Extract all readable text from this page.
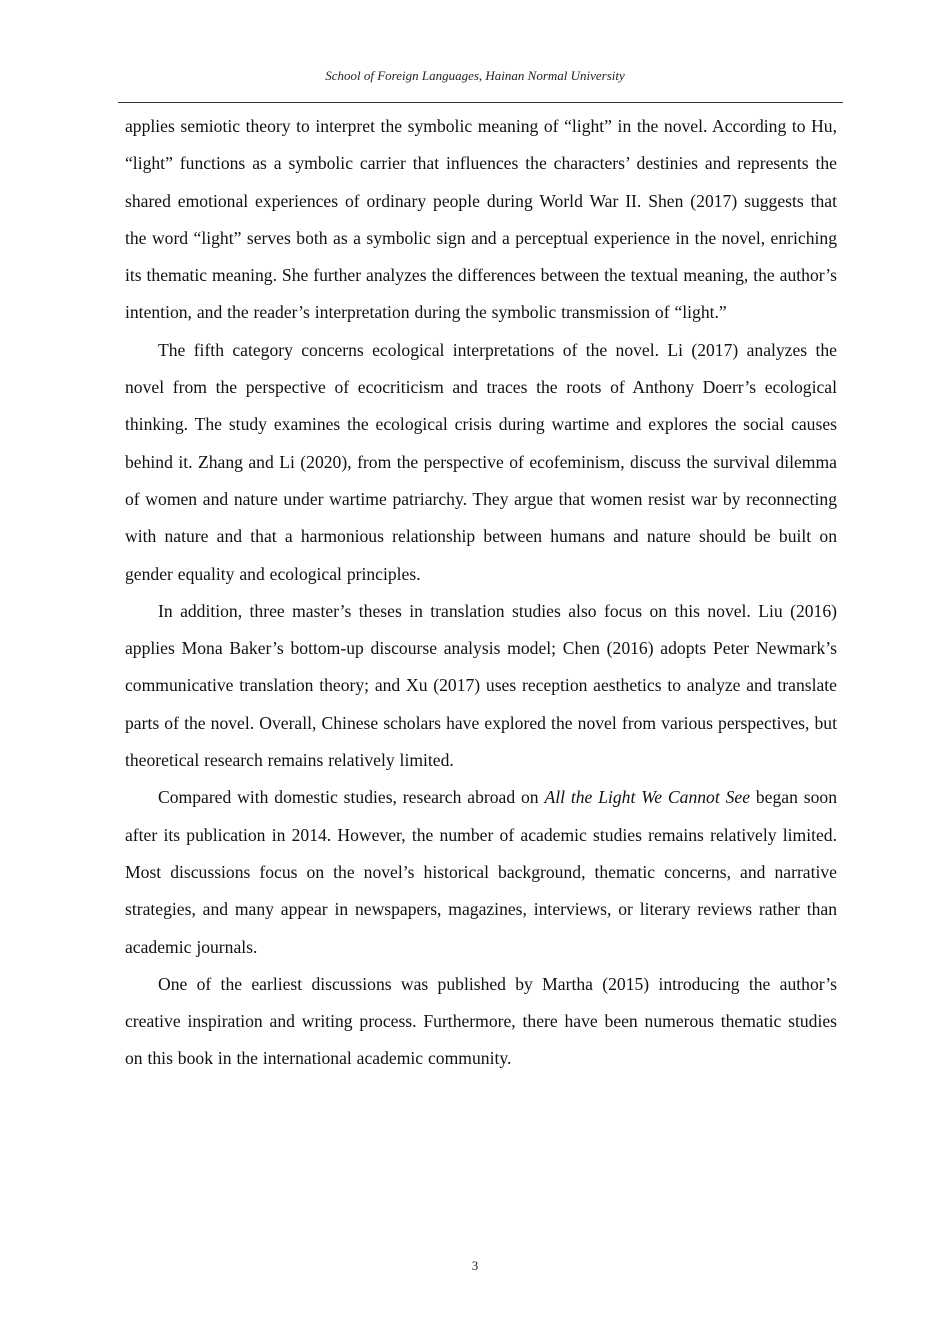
School of Foreign Languages, Hainan Normal University

applies semiotic theory to interpret the symbolic meaning of “light” in the novel. According to Hu, “light” functions as a symbolic carrier that influences the characters’ destinies and represents the shared emotional experiences of ordinary people during World War II. Shen (2017) suggests that the word “light” serves both as a symbolic sign and a perceptual experience in the novel, enriching its thematic meaning. She further analyzes the differences between the textual meaning, the author’s intention, and the reader’s interpretation during the symbolic transmission of “light.”

The fifth category concerns ecological interpretations of the novel. Li (2017) analyzes the novel from the perspective of ecocriticism and traces the roots of Anthony Doerr’s ecological thinking. The study examines the ecological crisis during wartime and explores the social causes behind it. Zhang and Li (2020), from the perspective of ecofeminism, discuss the survival dilemma of women and nature under wartime patriarchy. They argue that women resist war by reconnecting with nature and that a harmonious relationship between humans and nature should be built on gender equality and ecological principles.

In addition, three master’s theses in translation studies also focus on this novel. Liu (2016) applies Mona Baker’s bottom-up discourse analysis model; Chen (2016) adopts Peter Newmark’s communicative translation theory; and Xu (2017) uses reception aesthetics to analyze and translate parts of the novel. Overall, Chinese scholars have explored the novel from various perspectives, but theoretical research remains relatively limited.

Compared with domestic studies, research abroad on All the Light We Cannot See began soon after its publication in 2014. However, the number of academic studies remains relatively limited. Most discussions focus on the novel’s historical background, thematic concerns, and narrative strategies, and many appear in newspapers, magazines, interviews, or literary reviews rather than academic journals.

One of the earliest discussions was published by Martha (2015) introducing the author’s creative inspiration and writing process. Furthermore, there have been numerous thematic studies on this book in the international academic community.

3
